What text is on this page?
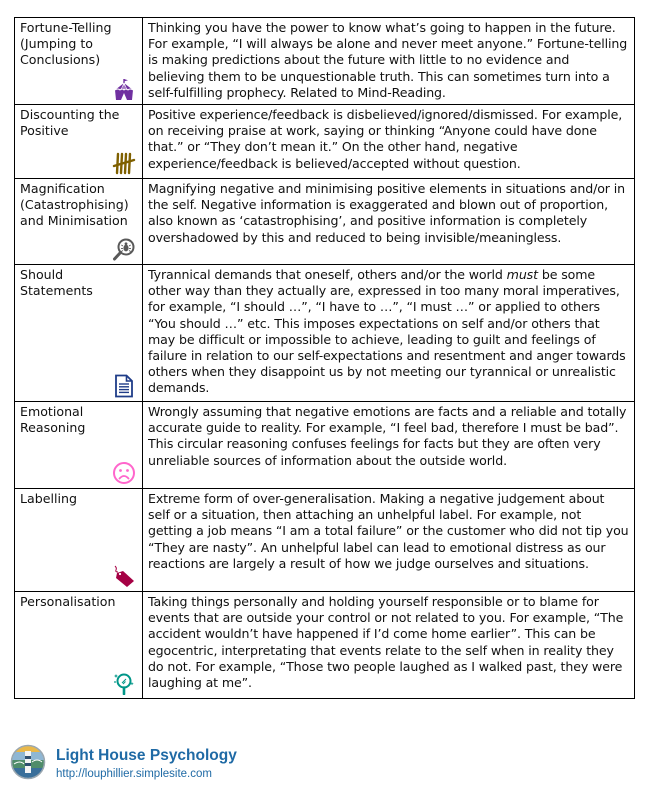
Fortune-Telling (Jumping to Conclusions)	Thinking you have the power to know what’s going to happen in the future. For example, “I will always be alone and never meet anyone.” Fortune-telling is making predictions about the future with little to no evidence and believing them to be unquestionable truth. This can sometimes turn into a self-fulfilling prophecy. Related to Mind-Reading.

Discounting the Positive	Positive experience/feedback is disbelieved/ignored/dismissed. For example, on receiving praise at work, saying or thinking “Anyone could have done that.” or “They don’t mean it.” On the other hand, negative experience/feedback is believed/accepted without question.

Magnification (Catastrophising) and Minimisation	Magnifying negative and minimising positive elements in situations and/or in the self. Negative information is exaggerated and blown out of proportion, also known as ‘catastrophising’, and positive information is completely overshadowed by this and reduced to being invisible/meaningless.

Should Statements	Tyrannical demands that oneself, others and/or the world must be some other way than they actually are, expressed in too many moral imperatives, for example, “I should …”, “I have to …”, “I must …” or applied to others “You should …” etc. This imposes expectations on self and/or others that may be difficult or impossible to achieve, leading to guilt and feelings of failure in relation to our self-expectations and resentment and anger towards others when they disappoint us by not meeting our tyrannical or unrealistic demands.

Emotional Reasoning	Wrongly assuming that negative emotions are facts and a reliable and totally accurate guide to reality. For example, “I feel bad, therefore I must be bad”. This circular reasoning confuses feelings for facts but they are often very unreliable sources of information about the outside world.

Labelling	Extreme form of over-generalisation. Making a negative judgement about self or a situation, then attaching an unhelpful label. For example, not getting a job means “I am a total failure” or the customer who did not tip you “They are nasty”. An unhelpful label can lead to emotional distress as our reactions are largely a result of how we judge ourselves and situations.

Personalisation	Taking things personally and holding yourself responsible or to blame for events that are outside your control or not related to you. For example, “The accident wouldn’t have happened if I’d come home earlier”. This can be egocentric, interpretating that events relate to the self when in reality they do not. For example, “Those two people laughed as I walked past, they were laughing at me”.
Light House Psychology
http://louphillier.simplesite.com
